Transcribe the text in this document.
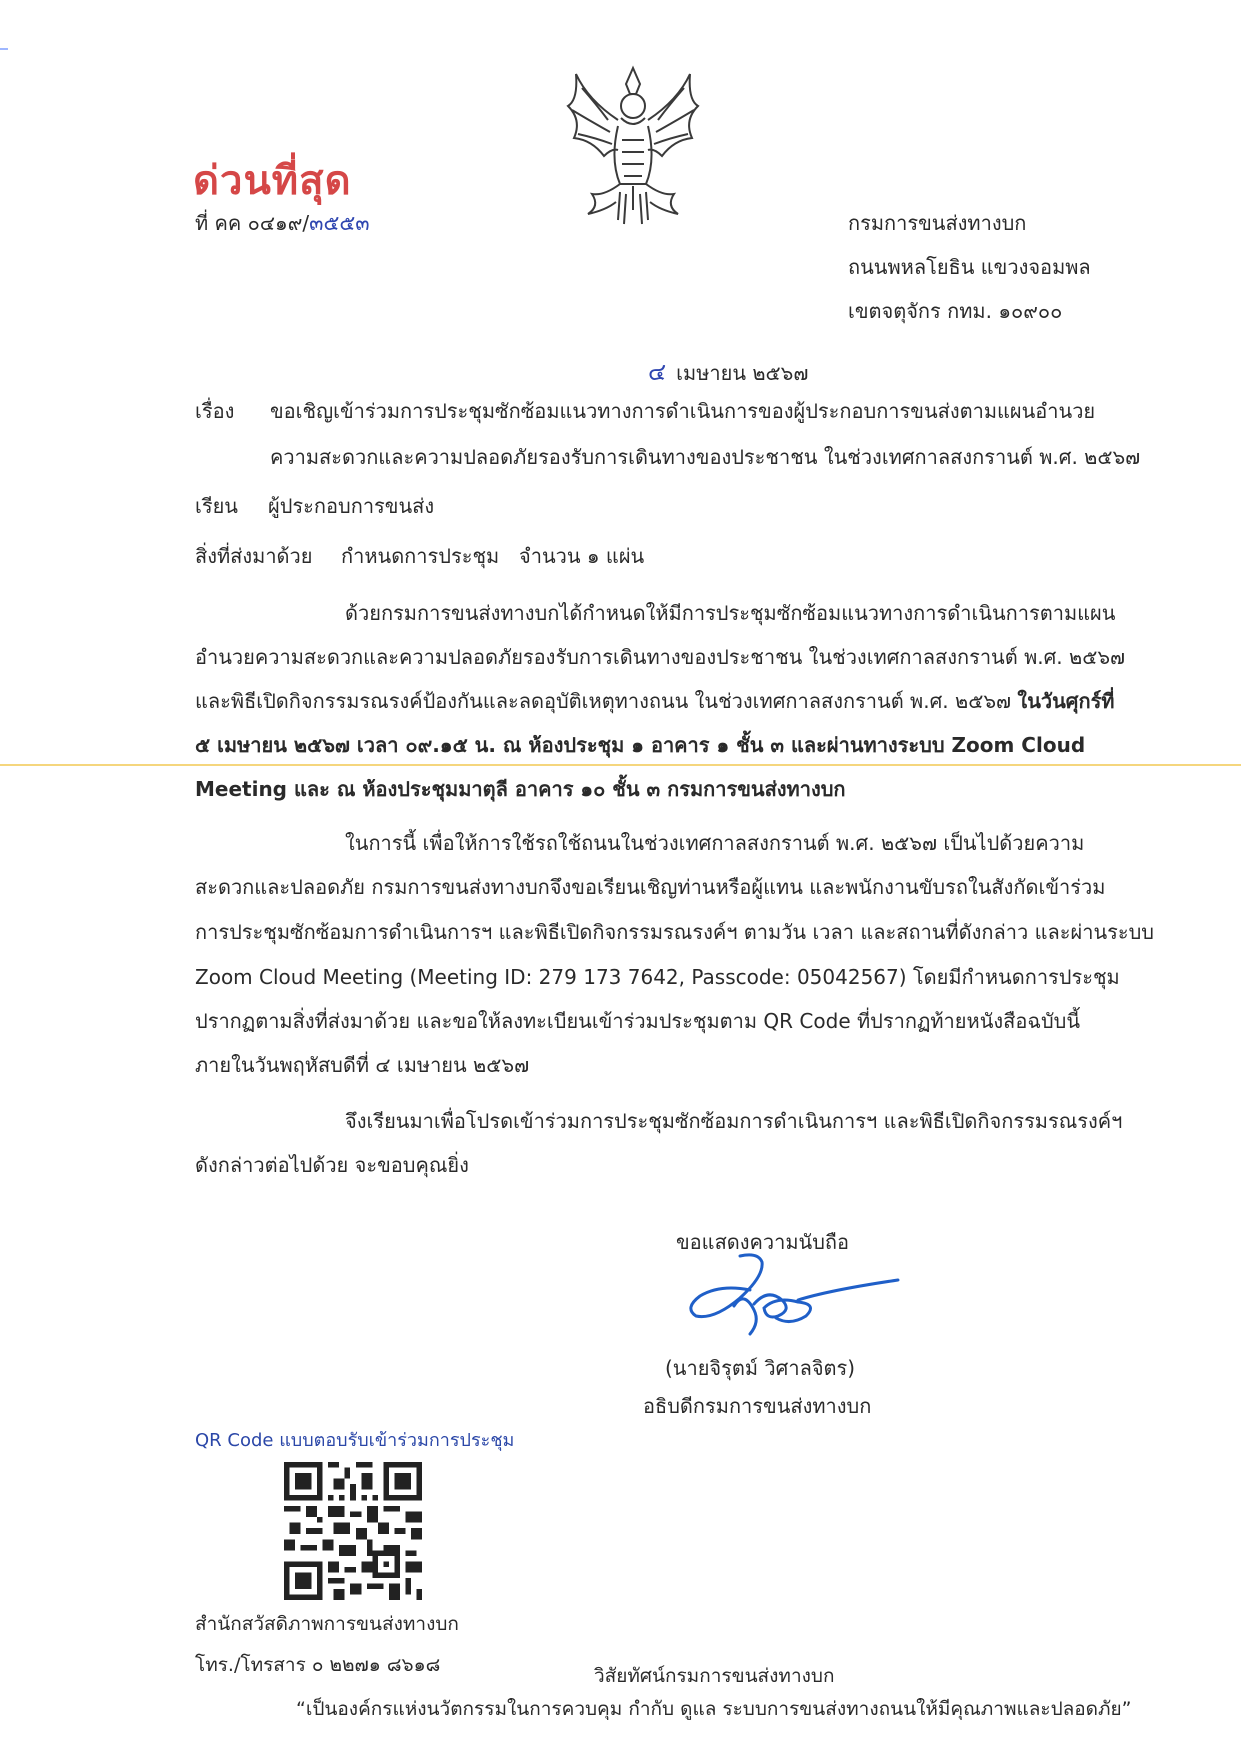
ด่วนที่สุด
ที่ คค ๐๔๑๙/๓๕๕๓	กรมการขนส่งทางบก
ถนนพหลโยธิน แขวงจอมพล
เขตจตุจักร กทม. ๑๐๙๐๐
๔ เมษายน ๒๕๖๗
เรื่อง ขอเชิญเข้าร่วมการประชุมซักซ้อมแนวทางการดำเนินการของผู้ประกอบการขนส่งตามแผนอำนวย
ความสะดวกและความปลอดภัยรองรับการเดินทางของประชาชน ในช่วงเทศกาลสงกรานต์ พ.ศ. ๒๕๖๗
เรียน ผู้ประกอบการขนส่ง
สิ่งที่ส่งมาด้วย กำหนดการประชุม จำนวน ๑ แผ่น
ด้วยกรมการขนส่งทางบกได้กำหนดให้มีการประชุมซักซ้อมแนวทางการดำเนินการตามแผน
อำนวยความสะดวกและความปลอดภัยรองรับการเดินทางของประชาชน ในช่วงเทศกาลสงกรานต์ พ.ศ. ๒๕๖๗
และพิธีเปิดกิจกรรมรณรงค์ป้องกันและลดอุบัติเหตุทางถนน ในช่วงเทศกาลสงกรานต์ พ.ศ. ๒๕๖๗ ในวันศุกร์ที่
๕ เมษายน ๒๕๖๗ เวลา ๐๙.๑๕ น. ณ ห้องประชุม ๑ อาคาร ๑ ชั้น ๓ และผ่านทางระบบ Zoom Cloud
Meeting และ ณ ห้องประชุมมาตุลี อาคาร ๑๐ ชั้น ๓ กรมการขนส่งทางบก
ในการนี้ เพื่อให้การใช้รถใช้ถนนในช่วงเทศกาลสงกรานต์ พ.ศ. ๒๕๖๗ เป็นไปด้วยความ
สะดวกและปลอดภัย กรมการขนส่งทางบกจึงขอเรียนเชิญท่านหรือผู้แทน และพนักงานขับรถในสังกัดเข้าร่วม
การประชุมซักซ้อมการดำเนินการฯ และพิธีเปิดกิจกรรมรณรงค์ฯ ตามวัน เวลา และสถานที่ดังกล่าว และผ่านระบบ
Zoom Cloud Meeting (Meeting ID: 279 173 7642, Passcode: 05042567) โดยมีกำหนดการประชุม
ปรากฏตามสิ่งที่ส่งมาด้วย และขอให้ลงทะเบียนเข้าร่วมประชุมตาม QR Code ที่ปรากฏท้ายหนังสือฉบับนี้
ภายในวันพฤหัสบดีที่ ๔ เมษายน ๒๕๖๗
จึงเรียนมาเพื่อโปรดเข้าร่วมการประชุมซักซ้อมการดำเนินการฯ และพิธีเปิดกิจกรรมรณรงค์ฯ
ดังกล่าวต่อไปด้วย จะขอบคุณยิ่ง
ขอแสดงความนับถือ
(นายจิรุตม์ วิศาลจิตร)
อธิบดีกรมการขนส่งทางบก
QR Code แบบตอบรับเข้าร่วมการประชุม
สำนักสวัสดิภาพการขนส่งทางบก
โทร./โทรสาร ๐ ๒๒๗๑ ๘๖๑๘	วิสัยทัศน์กรมการขนส่งทางบก
“เป็นองค์กรแห่งนวัตกรรมในการควบคุม กำกับ ดูแล ระบบการขนส่งทางถนนให้มีคุณภาพและปลอดภัย”
